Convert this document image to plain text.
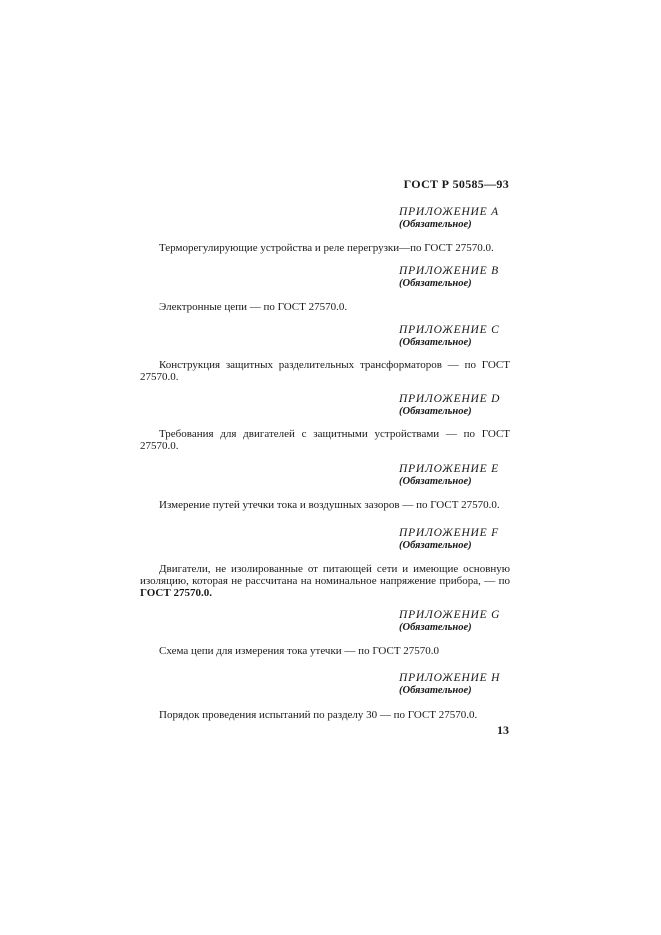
ГОСТ Р 50585—93
ПРИЛОЖЕНИЕ А
(Обязательное)
Терморегулирующие устройства и реле перегрузки—по ГОСТ 27570.0.
ПРИЛОЖЕНИЕ В
(Обязательное)
Электронные цепи — по ГОСТ 27570.0.
ПРИЛОЖЕНИЕ С
(Обязательное)
Конструкция защитных разделительных трансформаторов — по ГОСТ
27570.0.
ПРИЛОЖЕНИЕ D
(Обязательное)
Требования для двигателей с защитными устройствами — по ГОСТ
27570.0.
ПРИЛОЖЕНИЕ Е
(Обязательное)
Измерение путей утечки тока и воздушных зазоров — по ГОСТ 27570.0.
ПРИЛОЖЕНИЕ F
(Обязательное)
Двигатели, не изолированные от питающей сети и имеющие основную
изоляцию, которая не рассчитана на номинальное напряжение прибора, — по
ГОСТ 27570.0.
ПРИЛОЖЕНИЕ G
(Обязательное)
Схема цепи для измерения тока утечки — по ГОСТ 27570.0
ПРИЛОЖЕНИЕ Н
(Обязательное)
Порядок проведения испытаний по разделу 30 — по ГОСТ 27570.0.
13
